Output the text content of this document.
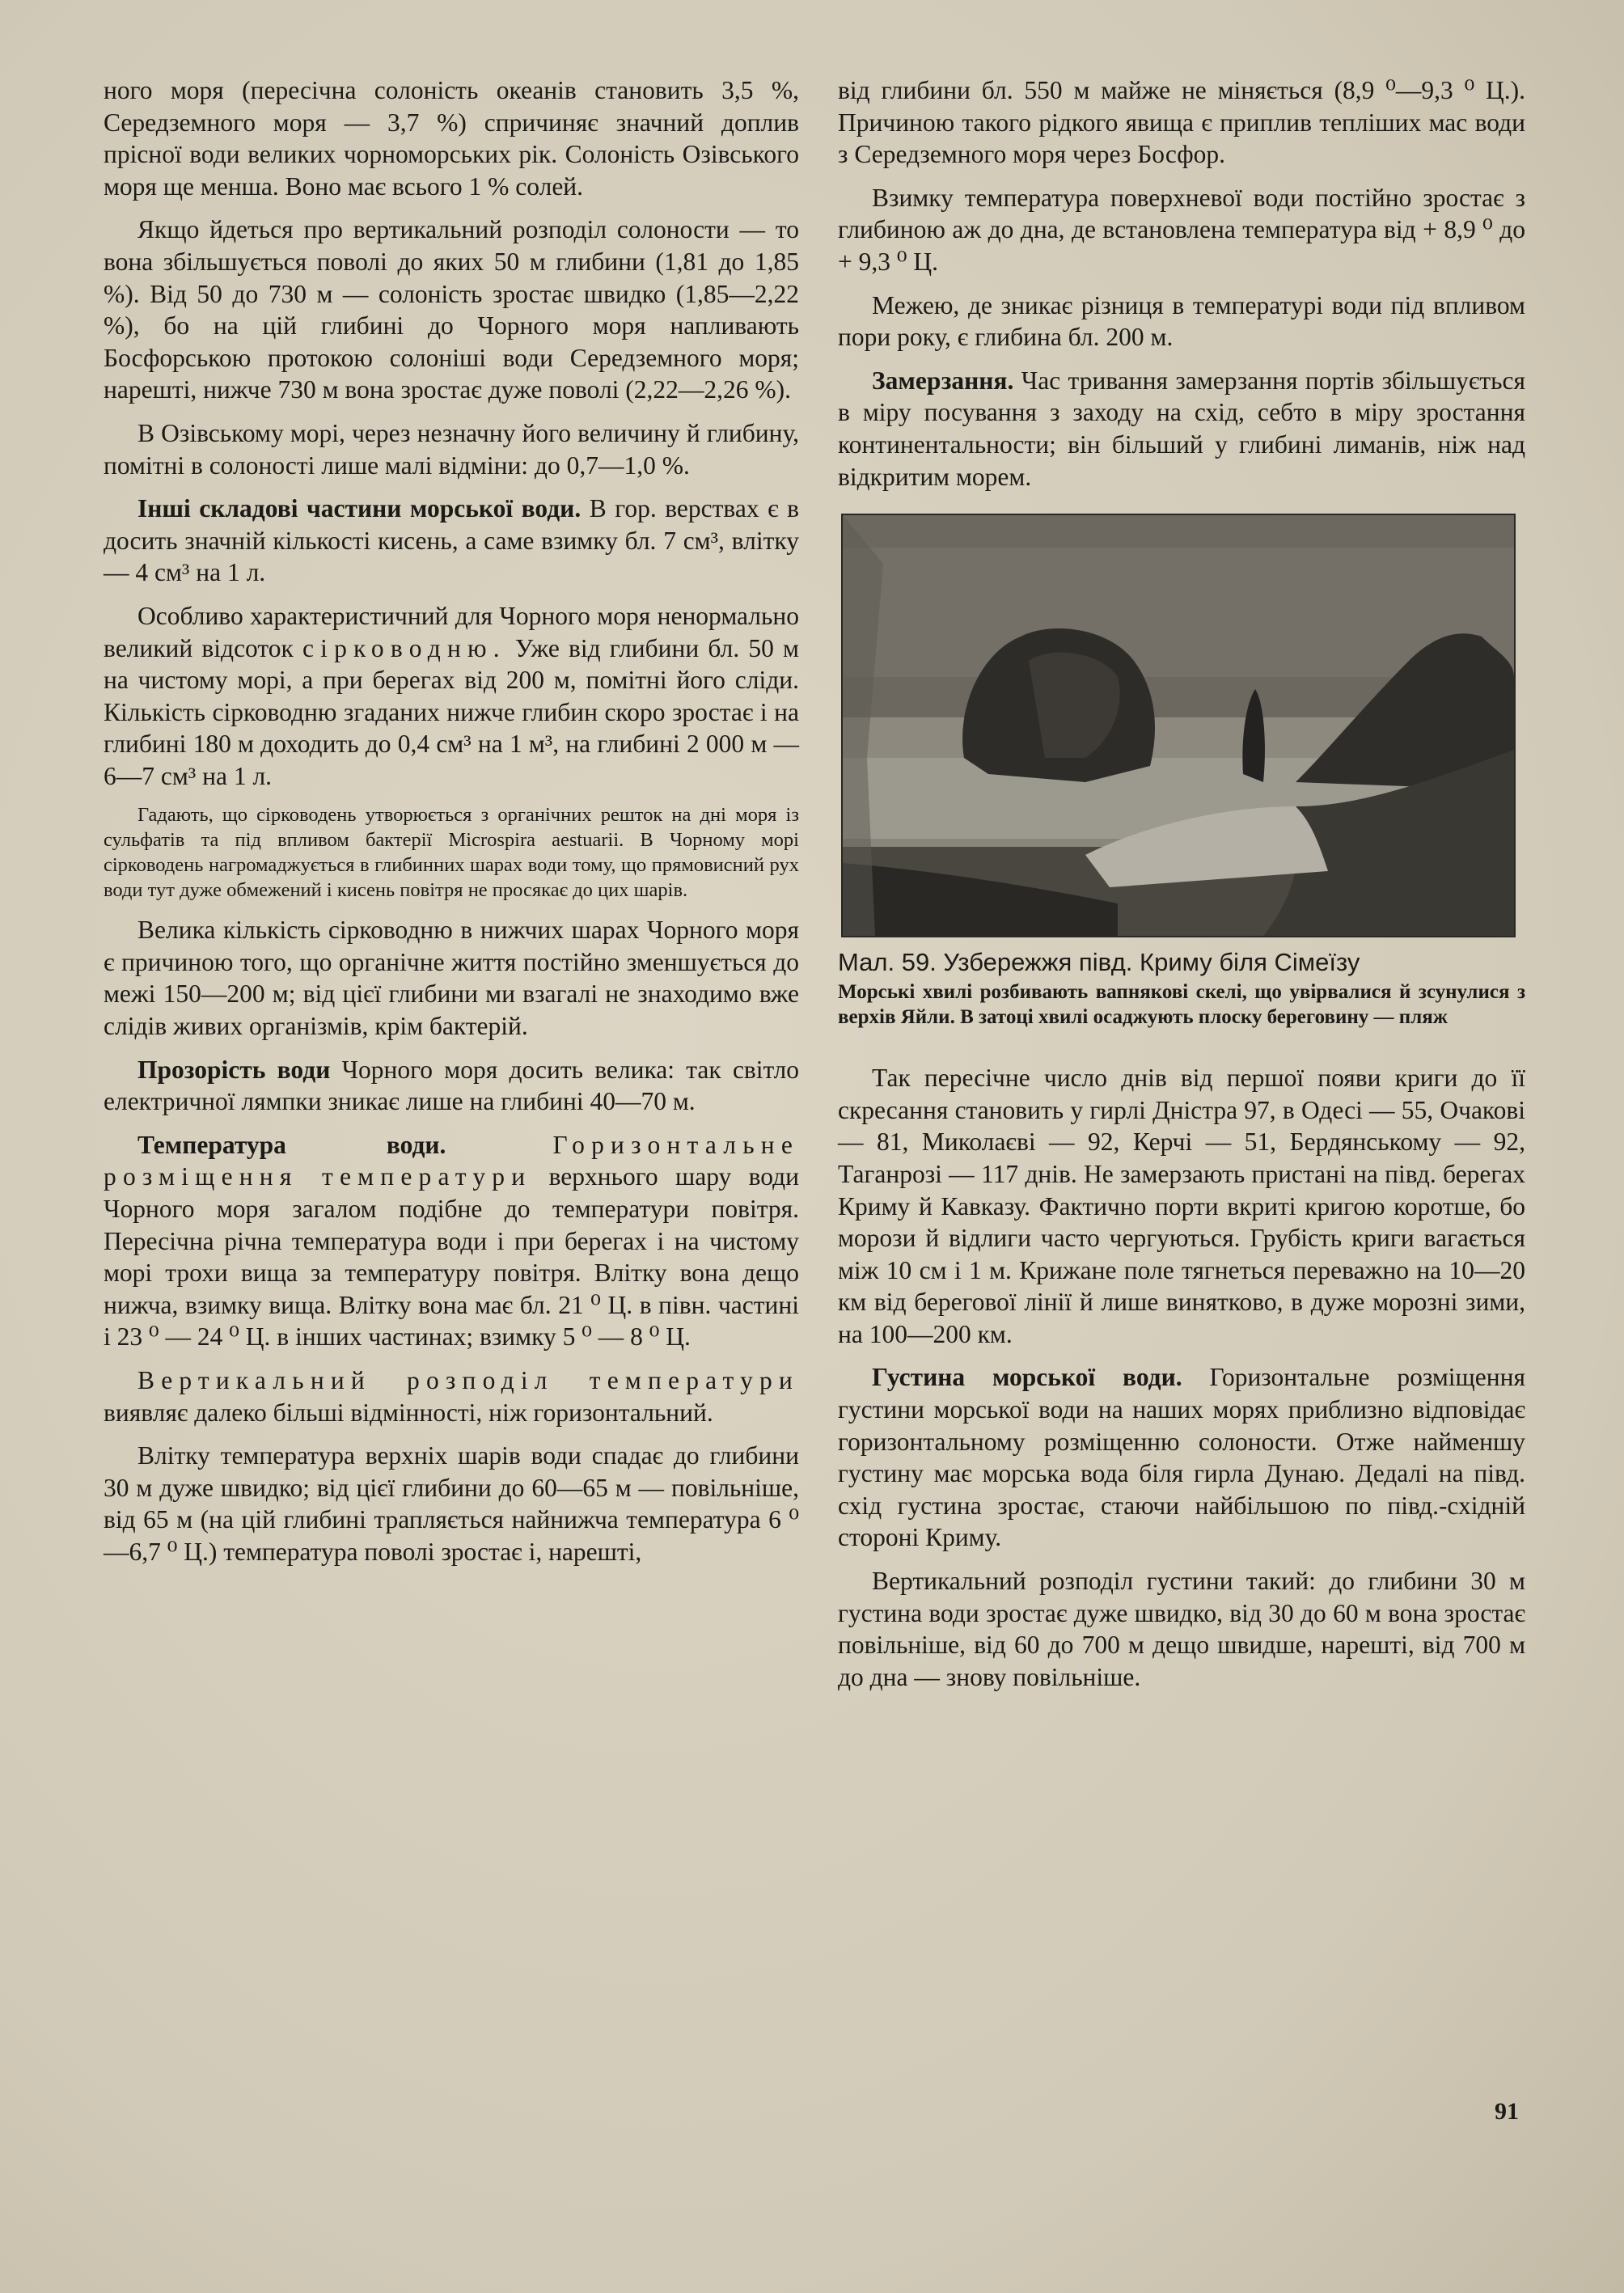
ного моря (пересічна солоність океанів становить 3,5 %, Середземного моря — 3,7 %) спричиняє значний доплив прісної води великих чорноморських рік. Солоність Озівського моря ще менша. Воно має всього 1 % солей.

Якщо йдеться про вертикальний розподіл солоности — то вона збільшується поволі до яких 50 м глибини (1,81 до 1,85 %). Від 50 до 730 м — солоність зростає швидко (1,85—2,22 %), бо на цій глибині до Чорного моря напливають Босфорською протокою солоніші води Середземного моря; нарешті, нижче 730 м вона зростає дуже поволі (2,22—2,26 %).

В Озівському морі, через незначну його величину й глибину, помітні в солоності лише малі відміни: до 0,7—1,0 %.

Інші складові частини морської води. В гор. верствах є в досить значній кількості кисень, а саме взимку бл. 7 см³, влітку — 4 см³ на 1 л.

Особливо характеристичний для Чорного моря ненормально великий відсоток сірководню. Уже від глибини бл. 50 м на чистому морі, а при берегах від 200 м, помітні його сліди. Кількість сірководню згаданих нижче глибин скоро зростає і на глибині 180 м доходить до 0,4 см³ на 1 м³, на глибині 2 000 м — 6—7 см³ на 1 л.

Гадають, що сірководень утворюється з органічних решток на дні моря із сульфатів та під впливом бактерії Microspira aestuarii. В Чорному морі сірководень нагромаджується в глибинних шарах води тому, що прямовисний рух води тут дуже обмежений і кисень повітря не просякає до цих шарів.

Велика кількість сірководню в нижчих шарах Чорного моря є причиною того, що органічне життя постійно зменшується до межі 150—200 м; від цієї глибини ми взагалі не знаходимо вже слідів живих організмів, крім бактерій.

Прозорість води Чорного моря досить велика: так світло електричної лямпки зникає лише на глибині 40—70 м.

Температура води. Горизонтальне розміщення температури верхнього шару води Чорного моря загалом подібне до температури повітря. Пересічна річна температура води і при берегах і на чистому морі трохи вища за температуру повітря. Влітку вона дещо нижча, взимку вища. Влітку вона має бл. 21 ⁰ Ц. в півн. частині і 23 ⁰ — 24 ⁰ Ц. в інших частинах; взимку 5 ⁰ — 8 ⁰ Ц.

Вертикальний розподіл температури виявляє далеко більші відмінності, ніж горизонтальний.

Влітку температура верхніх шарів води спадає до глибини 30 м дуже швидко; від цієї глибини до 60—65 м — повільніше, від 65 м (на цій глибині трапляється найнижча температура 6 ⁰—6,7 ⁰ Ц.) температура поволі зростає і, нарешті,

від глибини бл. 550 м майже не міняється (8,9 ⁰—9,3 ⁰ Ц.). Причиною такого рідкого явища є приплив тепліших мас води з Середземного моря через Босфор.

Взимку температура поверхневої води постійно зростає з глибиною аж до дна, де встановлена температура від + 8,9 ⁰ до + 9,3 ⁰ Ц.

Межею, де зникає різниця в температурі води під впливом пори року, є глибина бл. 200 м.

Замерзання. Час тривання замерзання портів збільшується в міру посування з заходу на схід, себто в міру зростання континентальности; він більший у глибині лиманів, ніж над відкритим морем.

Мал. 59. Узбережжя півд. Криму біля Сімеїзу
Морські хвилі розбивають вапнякові скелі, що увірвалися й зсунулися з верхів Яйли. В затоці хвилі осаджують плоску береговину — пляж

Так пересічне число днів від першої появи криги до її скресання становить у гирлі Дністра 97, в Одесі — 55, Очакові — 81, Миколаєві — 92, Керчі — 51, Бердянському — 92, Таганрозі — 117 днів. Не замерзають пристані на півд. берегах Криму й Кавказу. Фактично порти вкриті кригою коротше, бо морози й відлиги часто чергуються. Грубість криги вагається між 10 см і 1 м. Крижане поле тягнеться переважно на 10—20 км від берегової лінії й лише винятково, в дуже морозні зими, на 100—200 км.

Густина морської води. Горизонтальне розміщення густини морської води на наших морях приблизно відповідає горизонтальному розміщенню солоности. Отже найменшу густину має морська вода біля гирла Дунаю. Дедалі на півд. схід густина зростає, стаючи найбільшою по півд.-східній стороні Криму.

Вертикальний розподіл густини такий: до глибини 30 м густина води зростає дуже швидко, від 30 до 60 м вона зростає повільніше, від 60 до 700 м дещо швидше, нарешті, від 700 м до дна — знову повільніше.

91
